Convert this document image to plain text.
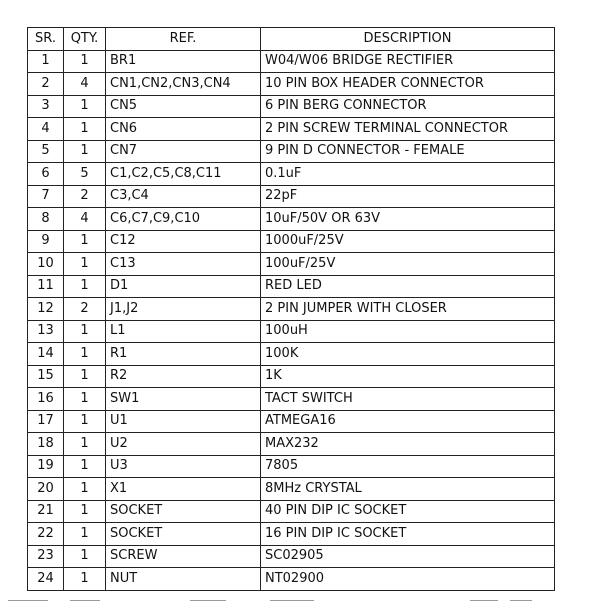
SR.	QTY.	REF.	DESCRIPTION
1	1	BR1	W04/W06 BRIDGE RECTIFIER
2	4	CN1,CN2,CN3,CN4	10 PIN BOX HEADER CONNECTOR
3	1	CN5	6 PIN BERG CONNECTOR
4	1	CN6	2 PIN SCREW TERMINAL CONNECTOR
5	1	CN7	9 PIN D CONNECTOR - FEMALE
6	5	C1,C2,C5,C8,C11	0.1uF
7	2	C3,C4	22pF
8	4	C6,C7,C9,C10	10uF/50V OR 63V
9	1	C12	1000uF/25V
10	1	C13	100uF/25V
11	1	D1	RED LED
12	2	J1,J2	2 PIN JUMPER WITH CLOSER
13	1	L1	100uH
14	1	R1	100K
15	1	R2	1K
16	1	SW1	TACT SWITCH
17	1	U1	ATMEGA16
18	1	U2	MAX232
19	1	U3	7805
20	1	X1	8MHz CRYSTAL
21	1	SOCKET	40 PIN DIP IC SOCKET
22	1	SOCKET	16 PIN DIP IC SOCKET
23	1	SCREW	SC02905
24	1	NUT	NT02900
